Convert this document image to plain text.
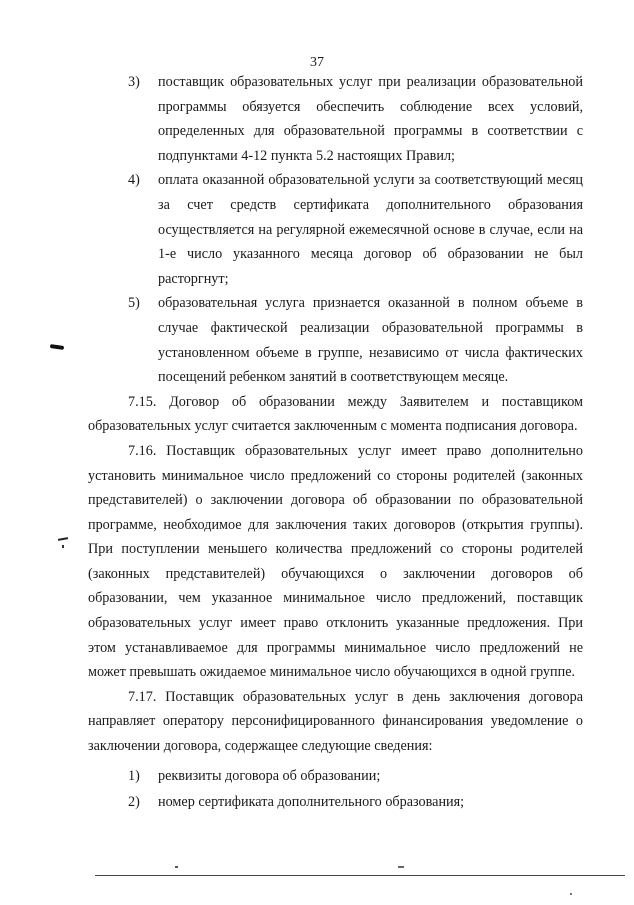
37

3) поставщик образовательных услуг при реализации образовательной программы обязуется обеспечить соблюдение всех условий, определенных для образовательной программы в соответствии с подпунктами 4-12 пункта 5.2 настоящих Правил;

4) оплата оказанной образовательной услуги за соответствующий месяц за счет средств сертификата дополнительного образования осуществляется на регулярной ежемесячной основе в случае, если на 1-е число указанного месяца договор об образовании не был расторгнут;

5) образовательная услуга признается оказанной в полном объеме в случае фактической реализации образовательной программы в установленном объеме в группе, независимо от числа фактических посещений ребенком занятий в соответствующем месяце.

7.15. Договор об образовании между Заявителем и поставщиком образовательных услуг считается заключенным с момента подписания договора.

7.16. Поставщик образовательных услуг имеет право дополнительно установить минимальное число предложений со стороны родителей (законных представителей) о заключении договора об образовании по образовательной программе, необходимое для заключения таких договоров (открытия группы). При поступлении меньшего количества предложений со стороны родителей (законных представителей) обучающихся о заключении договоров об образовании, чем указанное минимальное число предложений, поставщик образовательных услуг имеет право отклонить указанные предложения. При этом устанавливаемое для программы минимальное число предложений не может превышать ожидаемое минимальное число обучающихся в одной группе.

7.17. Поставщик образовательных услуг в день заключения договора направляет оператору персонифицированного финансирования уведомление о заключении договора, содержащее следующие сведения:

1) реквизиты договора об образовании;

2) номер сертификата дополнительного образования;
